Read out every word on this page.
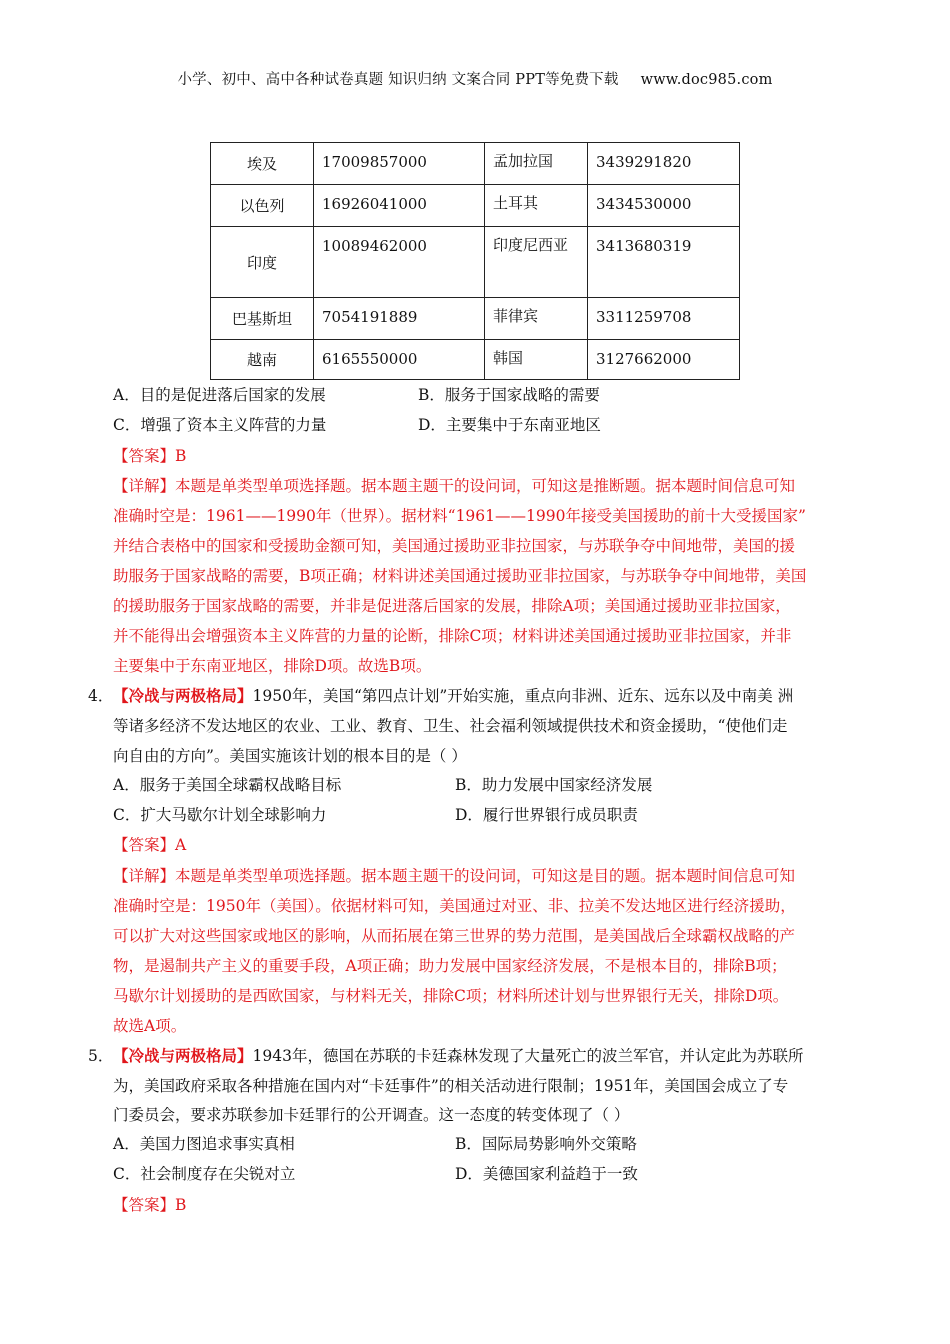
小学、初中、高中各种试卷真题 知识归纳 文案合同 PPT等免费下载 www.doc985.com
埃及	17009857000	孟加拉国	3439291820
以色列	16926041000	土耳其	3434530000
印度	10089462000	印度尼西亚	3413680319
巴基斯坦	7054191889	菲律宾	3311259708
越南	6165550000	韩国	3127662000
A．目的是促进落后国家的发展	B．服务于国家战略的需要
C．增强了资本主义阵营的力量	D．主要集中于东南亚地区
【答案】B
【详解】本题是单类型单项选择题。据本题主题干的设问词，可知这是推断题。据本题时间信息可知
准确时空是：1961——1990年（世界）。据材料“1961——1990年接受美国援助的前十大受援国家”
并结合表格中的国家和受援助金额可知，美国通过援助亚非拉国家，与苏联争夺中间地带，美国的援
助服务于国家战略的需要，B项正确；材料讲述美国通过援助亚非拉国家，与苏联争夺中间地带，美国
的援助服务于国家战略的需要，并非是促进落后国家的发展，排除A项；美国通过援助亚非拉国家，
并不能得出会增强资本主义阵营的力量的论断，排除C项；材料讲述美国通过援助亚非拉国家，并非
主要集中于东南亚地区，排除D项。故选B项。
4． 【冷战与两极格局】1950年，美国“第四点计划”开始实施，重点向非洲、近东、远东以及中南美 洲
等诸多经济不发达地区的农业、工业、教育、卫生、社会福利领域提供技术和资金援助，“使他们走
向自由的方向”。美国实施该计划的根本目的是（ ）
A．服务于美国全球霸权战略目标	B．助力发展中国家经济发展
C．扩大马歇尔计划全球影响力	D．履行世界银行成员职责
【答案】A
【详解】本题是单类型单项选择题。据本题主题干的设问词，可知这是目的题。据本题时间信息可知
准确时空是：1950年（美国）。依据材料可知，美国通过对亚、非、拉美不发达地区进行经济援助，
可以扩大对这些国家或地区的影响，从而拓展在第三世界的势力范围，是美国战后全球霸权战略的产
物，是遏制共产主义的重要手段，A项正确；助力发展中国家经济发展，不是根本目的，排除B项；
马歇尔计划援助的是西欧国家，与材料无关，排除C项；材料所述计划与世界银行无关，排除D项。
故选A项。
5． 【冷战与两极格局】1943年，德国在苏联的卡廷森林发现了大量死亡的波兰军官，并认定此为苏联所
为，美国政府采取各种措施在国内对“卡廷事件”的相关活动进行限制；1951年，美国国会成立了专
门委员会，要求苏联参加卡廷罪行的公开调查。这一态度的转变体现了（ ）
A．美国力图追求事实真相	B．国际局势影响外交策略
C．社会制度存在尖锐对立	D．美德国家利益趋于一致
【答案】B
